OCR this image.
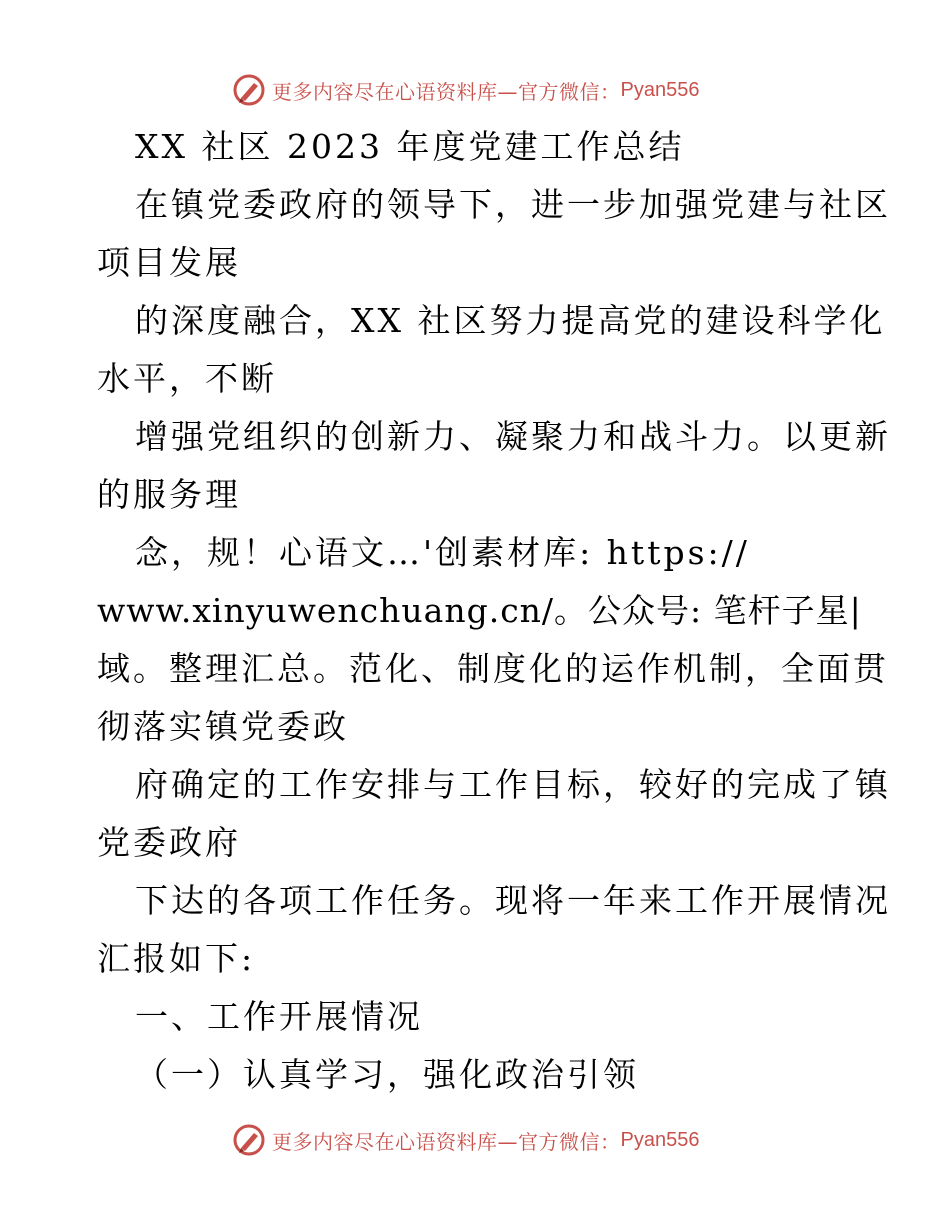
更多内容尽在心语资料库—官方微信： Pyan556
XX 社区 2023 年度党建工作总结
在镇党委政府的领导下，进一步加强党建与社区
项目发展
的深度融合，XX 社区努力提高党的建设科学化
水平，不断
增强党组织的创新力、凝聚力和战斗力。以更新
的服务理
念，规！心语文…'创素材库: https://
www.xinyuwenchuang.cn/。公众号: 笔杆子星|
域。整理汇总。范化、制度化的运作机制，全面贯
彻落实镇党委政
府确定的工作安排与工作目标，较好的完成了镇
党委政府
下达的各项工作任务。现将一年来工作开展情况
汇报如下:
一、工作开展情况
（一）认真学习，强化政治引领
更多内容尽在心语资料库—官方微信： Pyan556
